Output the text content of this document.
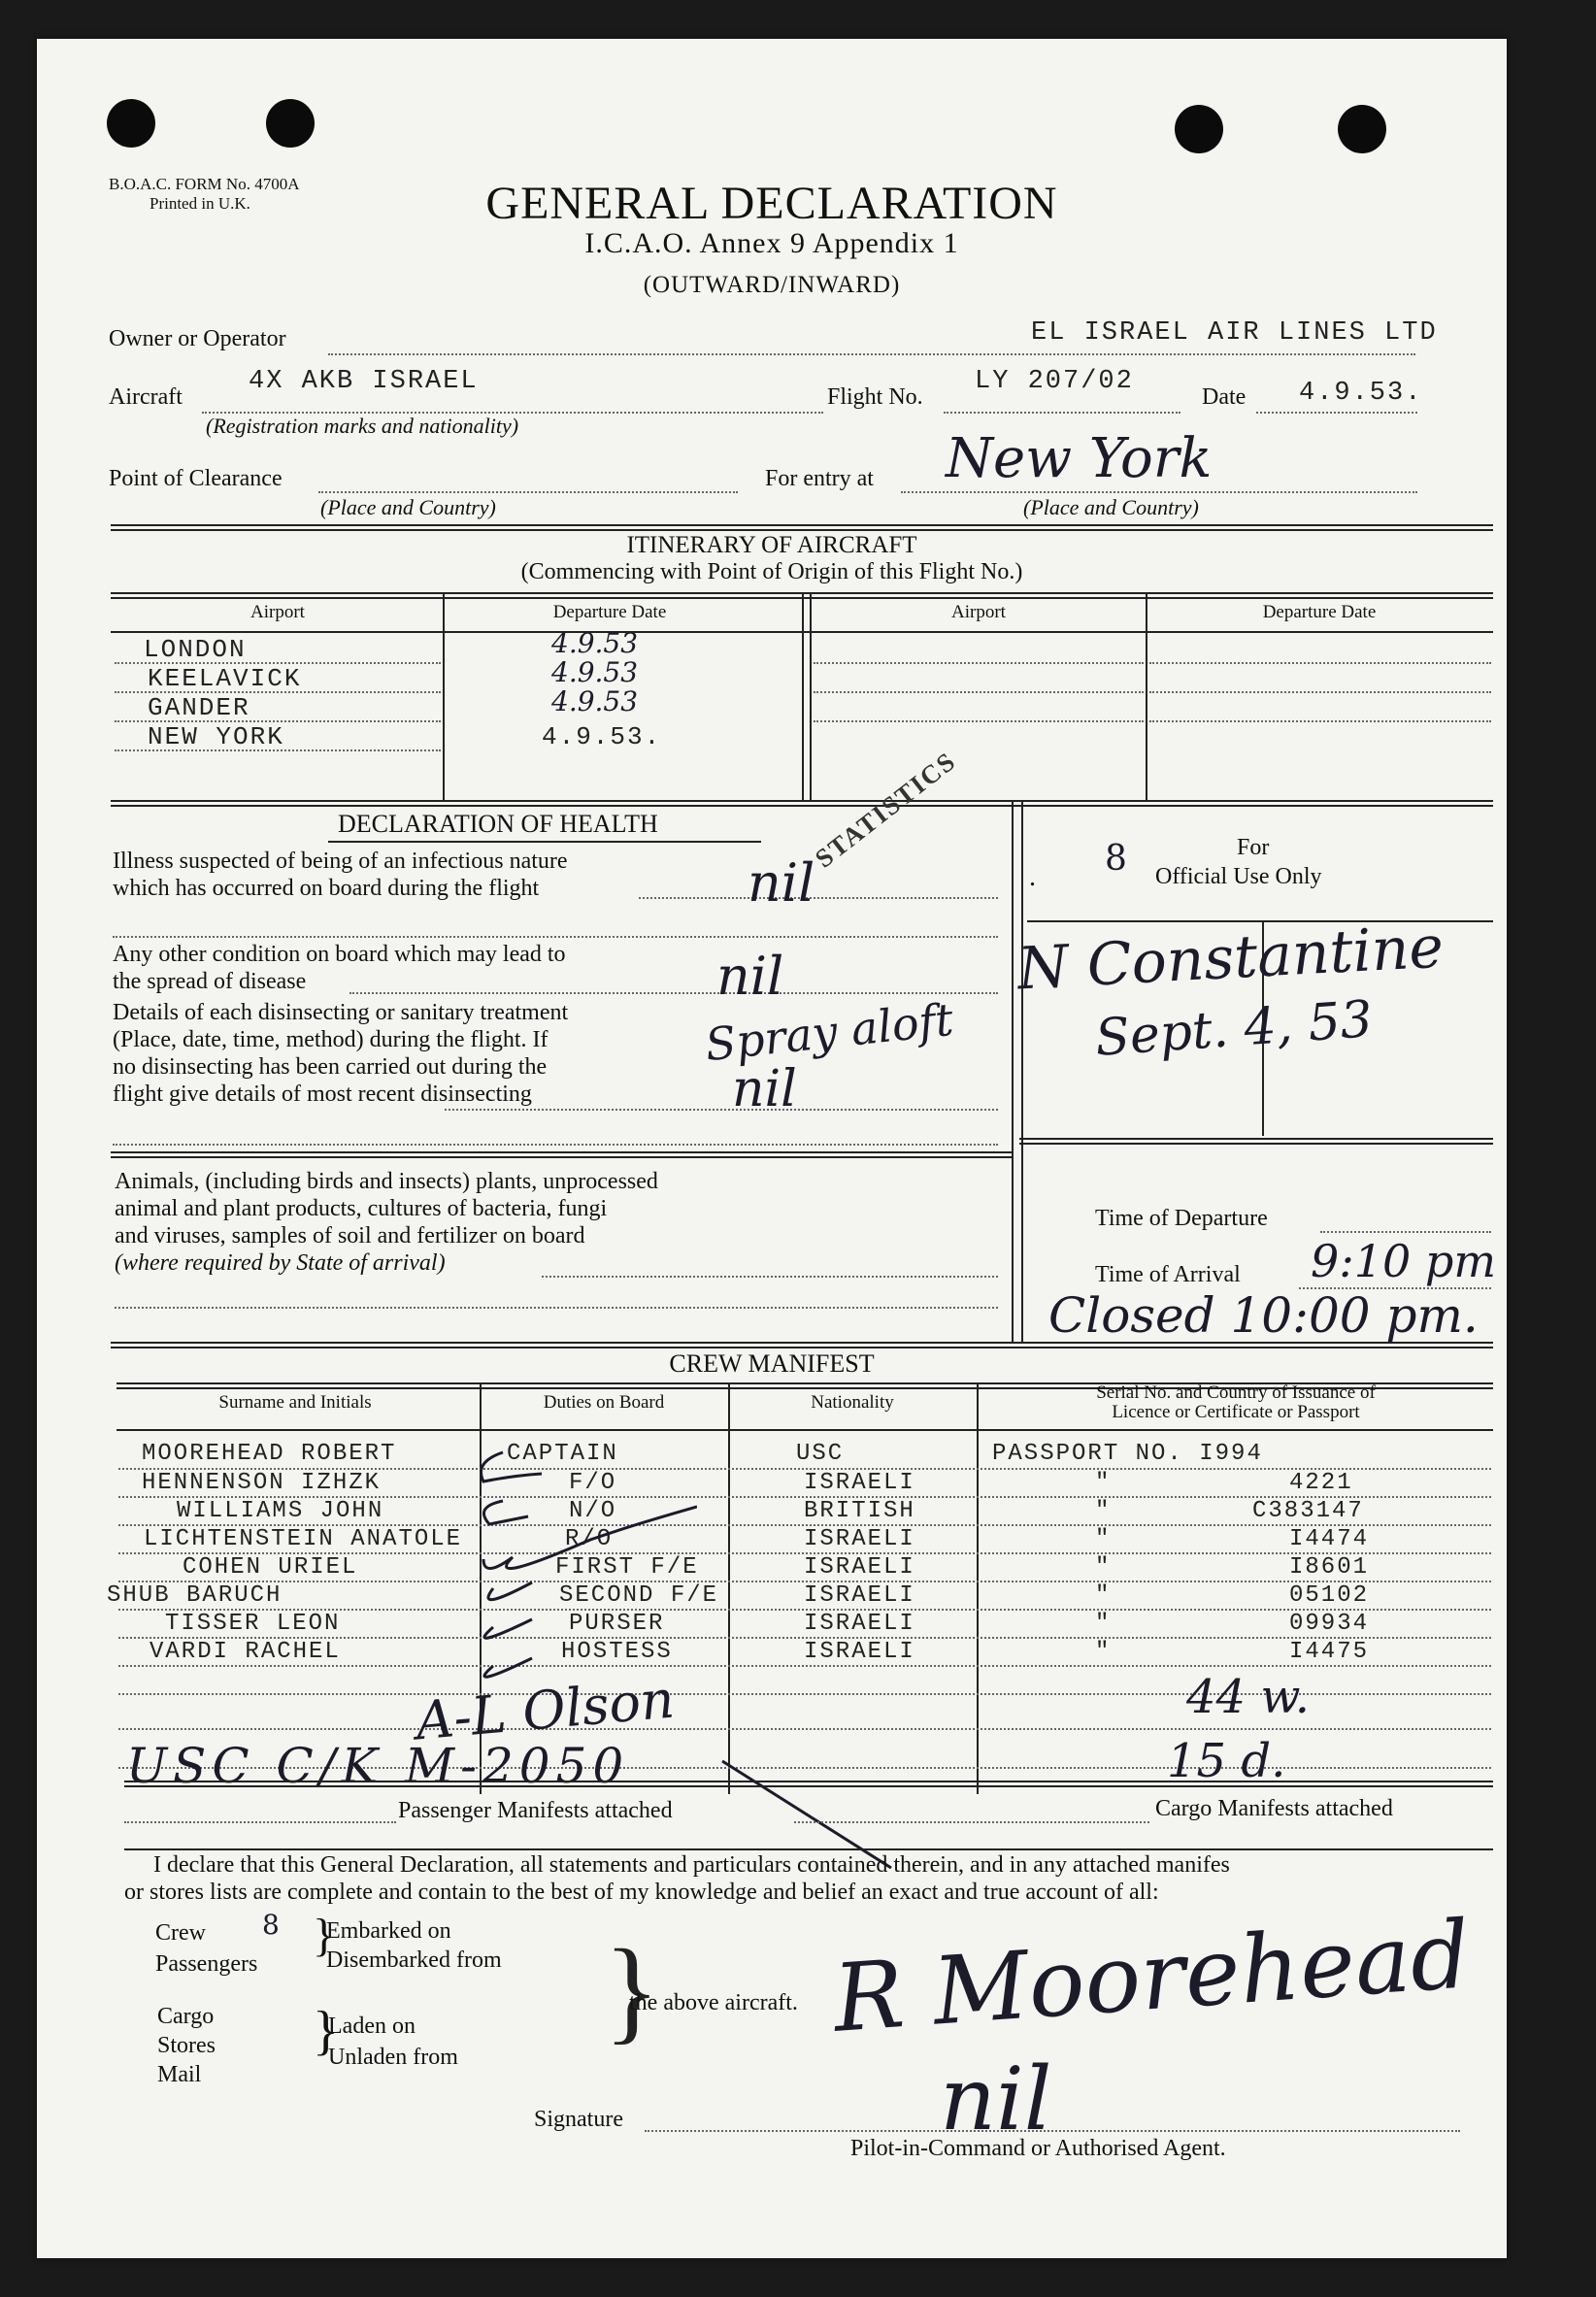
B.O.A.C. FORM No. 4700A
Printed in U.K.	GENERAL DECLARATION
I.C.A.O. Annex 9 Appendix 1
(OUTWARD/INWARD)
Owner or Operator	EL ISRAEL AIR LINES LTD
Aircraft
4X AKB ISRAEL
(Registration marks and nationality)
Flight No.
LY 207/02
Date 4.9.53.
Point of Clearance
(Place and Country)
For entry at New York
(Place and Country)
ITINERARY OF AIRCRAFT
(Commencing with Point of Origin of this Flight No.)
Airport	Departure Date	Airport	Departure Date
LONDON	4.9.53
KEELAVICK	4.9.53
GANDER	4.9.53
NEW YORK	4.9.53.
DECLARATION OF HEALTH	STATISTICS
Illness suspected of being of an infectious nature
which has occurred on board during the flight	nil
Any other condition on board which may lead to
the spread of disease	nil
Details of each disinsecting or sanitary treatment
(Place, date, time, method) during the flight. If
no disinsecting has been carried out during the
flight give details of most recent disinsecting
Spray aloft
nil
Animals, (including birds and insects) plants, unprocessed
animal and plant products, cultures of bacteria, fungi
and viruses, samples of soil and fertilizer on board
(where required by State of arrival)
. 8	For
Official Use Only
N Constantine
Sept. 4, 53
Time of Departure
Time of Arrival 9:10 pm
Closed 10:00 pm.
CREW MANIFEST
Surname and Initials	Duties on Board	Nationality	Serial No. and Country of Issuance of
Licence or Certificate or Passport
MOOREHEAD ROBERT	CAPTAIN	USC	PASSPORT NO. I994
HENNENSON IZHZK	F/O	ISRAELI	"	4221
WILLIAMS JOHN	N/O	BRITISH	"	C383147
LICHTENSTEIN ANATOLE	R/O	ISRAELI	"	I4474
COHEN URIEL	FIRST F/E	ISRAELI	"	I8601
SHUB BARUCH	SECOND F/E	ISRAELI	"	05102
TISSER LEON	PURSER	ISRAELI	"	09934
VARDI RACHEL	HOSTESS	ISRAELI	"	I4475
A-L Olson
USC C/K M-2050
44 w.
15 d.
Passenger Manifests attached	Cargo Manifests attached
I declare that this General Declaration, all statements and particulars contained therein, and in any attached manifes
or stores lists are complete and contain to the best of my knowledge and belief an exact and true account of all:
Crew 8
Passengers
}
Embarked on
Disembarked from
Cargo
Stores
Mail
}
Laden on
Unladen from
}
the above aircraft. R Moorehead
nil
Signature
Pilot-in-Command or Authorised Agent.
